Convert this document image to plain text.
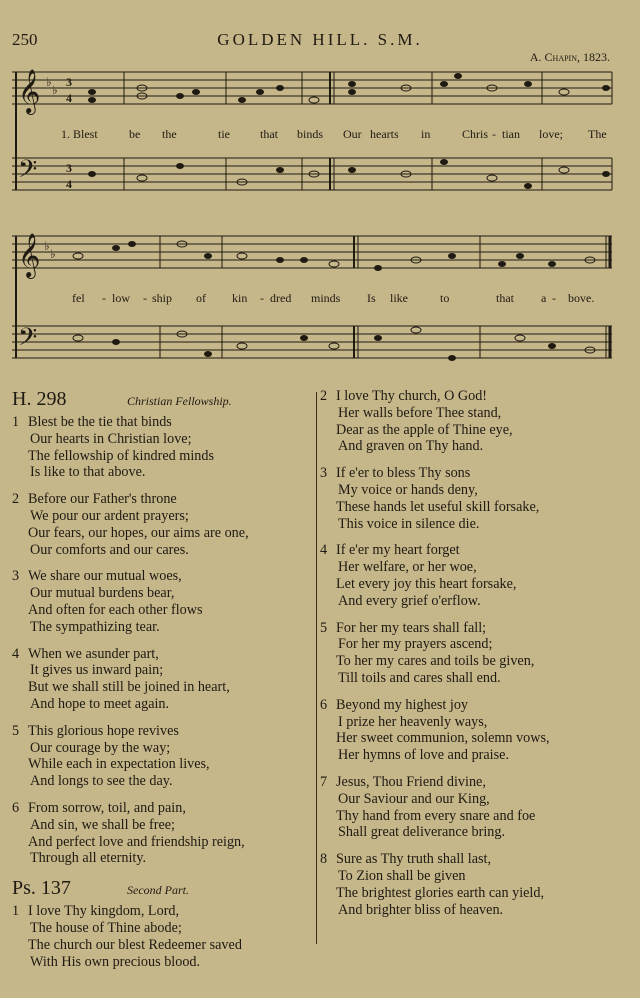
250	GOLDEN HILL. S.M.
A. Chapin, 1823.
𝄞
𝄢
♭
♭
3
4
3
4
1. Blest	be the	tie	that binds Our hearts in	Chris - tian love; The
𝄞
𝄢
♭
♭
fel - low - ship of kin - dred minds Is like	to	that a - bove.
H. 298	Christian Fellowship.
1 Blest be the tie that binds
Our hearts in Christian love;
The fellowship of kindred minds
Is like to that above.
2 Before our Father's throne
We pour our ardent prayers;
Our fears, our hopes, our aims are one,
Our comforts and our cares.
3 We share our mutual woes,
Our mutual burdens bear,
And often for each other flows
The sympathizing tear.
4 When we asunder part,
It gives us inward pain;
But we shall still be joined in heart,
And hope to meet again.
5 This glorious hope revives
Our courage by the way;
While each in expectation lives,
And longs to see the day.
6 From sorrow, toil, and pain,
And sin, we shall be free;
And perfect love and friendship reign,
Through all eternity.
Ps. 137	Second Part.
1 I love Thy kingdom, Lord,
The house of Thine abode;
The church our blest Redeemer saved
With His own precious blood.
2 I love Thy church, O God!
Her walls before Thee stand,
Dear as the apple of Thine eye,
And graven on Thy hand.
3 If e'er to bless Thy sons
My voice or hands deny,
These hands let useful skill forsake,
This voice in silence die.
4 If e'er my heart forget
Her welfare, or her woe,
Let every joy this heart forsake,
And every grief o'erflow.
5 For her my tears shall fall;
For her my prayers ascend;
To her my cares and toils be given,
Till toils and cares shall end.
6 Beyond my highest joy
I prize her heavenly ways,
Her sweet communion, solemn vows,
Her hymns of love and praise.
7 Jesus, Thou Friend divine,
Our Saviour and our King,
Thy hand from every snare and foe
Shall great deliverance bring.
8 Sure as Thy truth shall last,
To Zion shall be given
The brightest glories earth can yield,
And brighter bliss of heaven.
